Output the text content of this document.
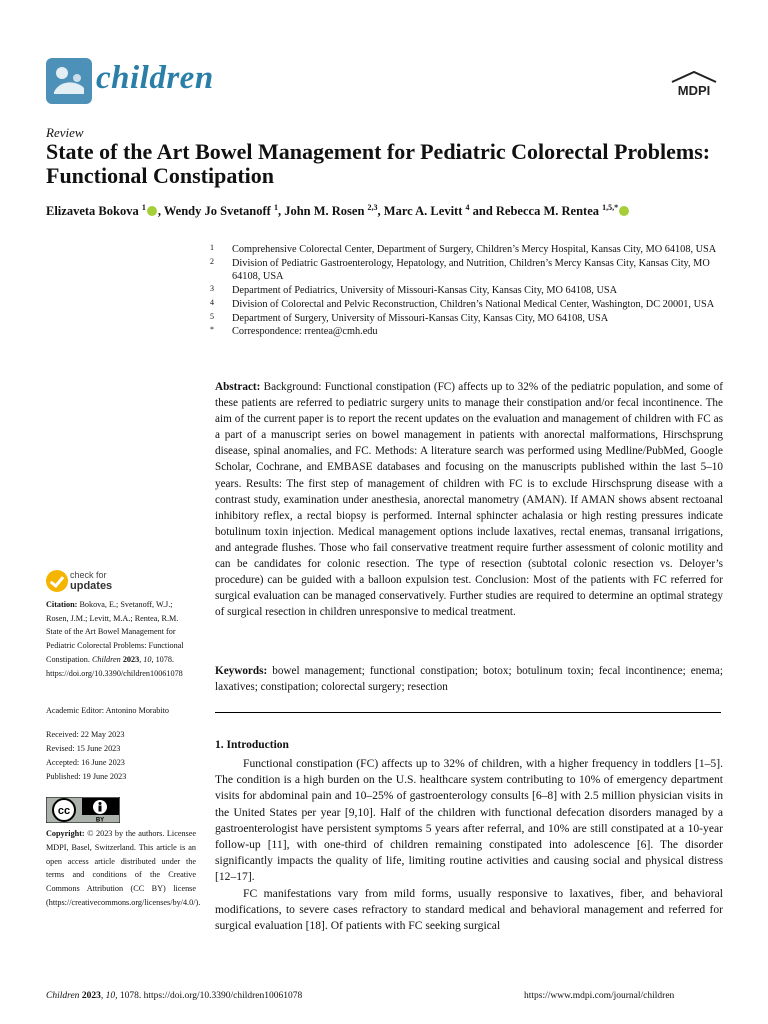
children	MDPI
Review
State of the Art Bowel Management for Pediatric Colorectal Problems: Functional Constipation
Elizaveta Bokova $^1$ , Wendy Jo Svetanoff $^1$, John M. Rosen $^{2,3}$, Marc A. Levitt $^4$ and Rebecca M. Rentea $^{1,5,*}$
1 Comprehensive Colorectal Center, Department of Surgery, Children’s Mercy Hospital, Kansas City, MO 64108, USA
2 Division of Pediatric Gastroenterology, Hepatology, and Nutrition, Children’s Mercy Kansas City, Kansas City, MO 64108, USA
3 Department of Pediatrics, University of Missouri-Kansas City, Kansas City, MO 64108, USA
4 Division of Colorectal and Pelvic Reconstruction, Children’s National Medical Center, Washington, DC 20001, USA
5 Department of Surgery, University of Missouri-Kansas City, Kansas City, MO 64108, USA
* Correspondence: rrentea@cmh.edu
Abstract: Background: Functional constipation (FC) affects up to 32% of the pediatric population, and some of these patients are referred to pediatric surgery units to manage their constipation and/or fecal incontinence. The aim of the current paper is to report the recent updates on the evaluation and management of children with FC as a part of a manuscript series on bowel management in patients with anorectal malformations, Hirschsprung disease, spinal anomalies, and FC. Methods: A literature search was performed using Medline/PubMed, Google Scholar, Cochrane, and EMBASE databases and focusing on the manuscripts published within the last 5–10 years. Results: The first step of management of children with FC is to exclude Hirschsprung disease with a contrast study, examination under anesthesia, anorectal manometry (AMAN). If AMAN shows absent rectoanal inhibitory reflex, a rectal biopsy is performed. Internal sphincter achalasia or high resting pressures indicate botulinum toxin injection. Medical management options include laxatives, rectal enemas, transanal irrigations, and antegrade flushes. Those who fail conservative treatment require further assessment of colonic motility and can be candidates for colonic resection. The type of resection (subtotal colonic resection vs. Deloyer’s procedure) can be guided with a balloon expulsion test. Conclusion: Most of the patients with FC referred for surgical evaluation can be managed conservatively. Further studies are required to determine an optimal strategy of surgical resection in children unresponsive to medical treatment.
Keywords: bowel management; functional constipation; botox; botulinum toxin; fecal incontinence; enema; laxatives; constipation; colorectal surgery; resection
check for
updates
Citation: Bokova, E.; Svetanoff, W.J.; Rosen, J.M.; Levitt, M.A.; Rentea, R.M. State of the Art Bowel Management for Pediatric Colorectal Problems: Functional Constipation. Children 2023, 10, 1078. https://doi.org/10.3390/children10061078
Academic Editor: Antonino Morabito
Received: 22 May 2023
Revised: 15 June 2023
Accepted: 16 June 2023
Published: 19 June 2023
cc
BY
Copyright: © 2023 by the authors. Licensee MDPI, Basel, Switzerland. This article is an open access article distributed under the terms and conditions of the Creative Commons Attribution (CC BY) license (https://creativecommons.org/licenses/by/4.0/).
1. Introduction

Functional constipation (FC) affects up to 32% of children, with a higher frequency in toddlers [1–5]. The condition is a high burden on the U.S. healthcare system contributing to 10% of emergency department visits for abdominal pain and 10–25% of gastroenterology consults [6–8] with 2.5 million physician visits in the United States per year [9,10]. Half of the children with functional defecation disorders managed by a gastroenterologist have persistent symptoms 5 years after referral, and 10% are still constipated at a 10-year follow-up [11], with one-third of children remaining constipated into adolescence [6]. The disorder significantly impacts the quality of life, limiting routine activities and causing social and physical distress [12–17].

FC manifestations vary from mild forms, usually responsive to laxatives, fiber, and behavioral modifications, to severe cases refractory to standard medical and behavioral management and referred for surgical evaluation [18]. Of patients with FC seeking surgical

Children 2023, 10, 1078. https://doi.org/10.3390/children10061078	https://www.mdpi.com/journal/children
